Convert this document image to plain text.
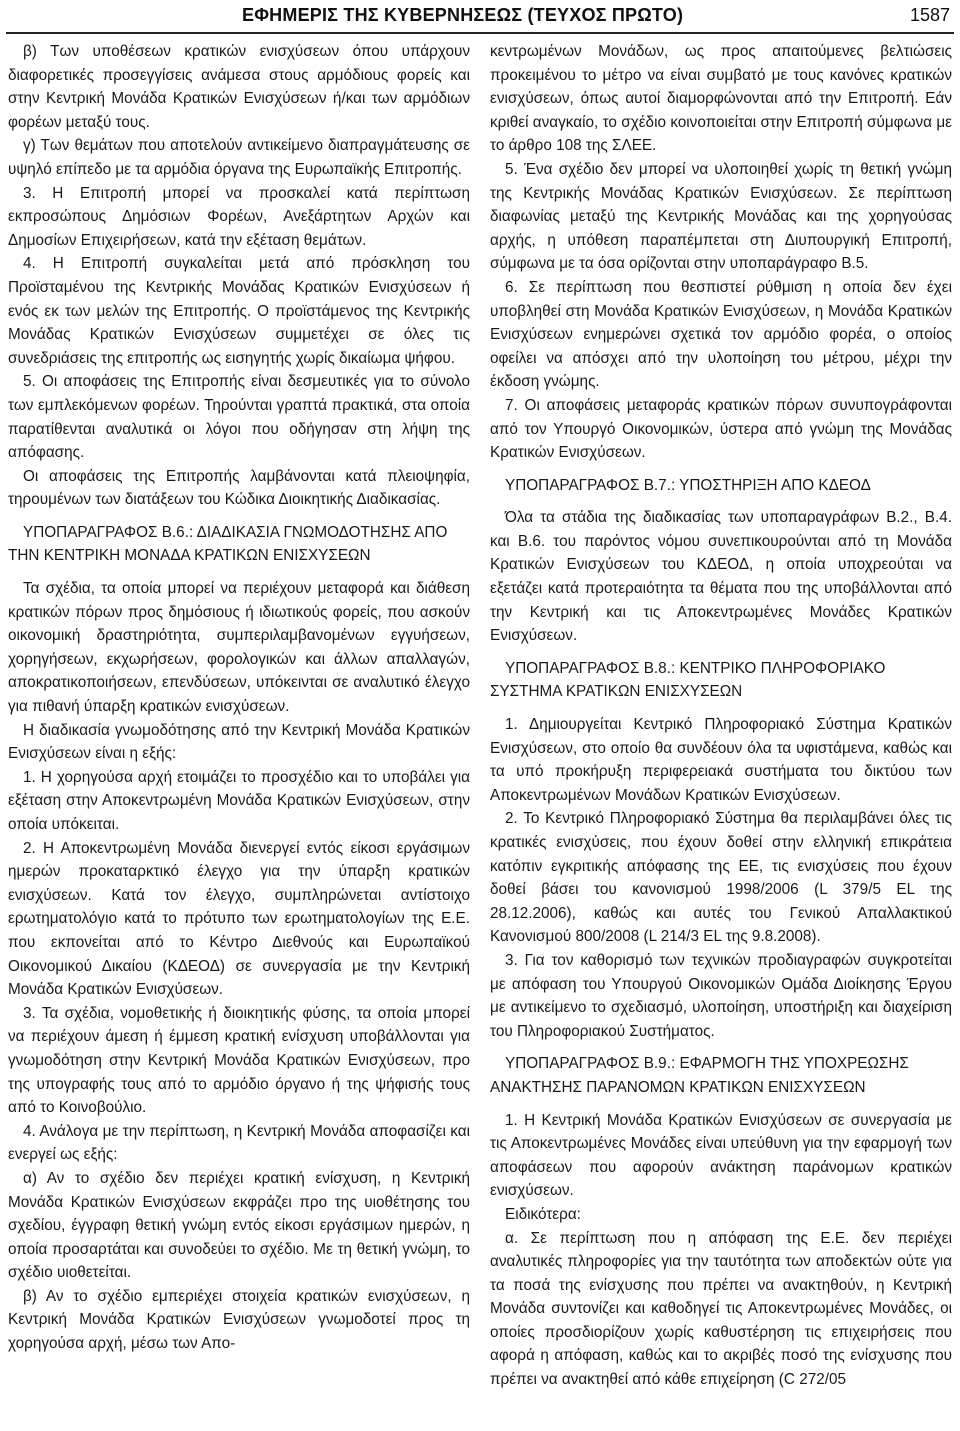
ΕΦΗΜΕΡΙΣ ΤΗΣ ΚΥΒΕΡΝΗΣΕΩΣ (ΤΕΥΧΟΣ ΠΡΩΤΟ)	1587

β) Των υποθέσεων κρατικών ενισχύσεων όπου υπάρχουν διαφορετικές προσεγγίσεις ανάμεσα στους αρμόδιους φορείς και στην Κεντρική Μονάδα Κρατικών Ενισχύσεων ή/και των αρμόδιων φορέων μεταξύ τους.

γ) Των θεμάτων που αποτελούν αντικείμενο διαπραγμάτευσης σε υψηλό επίπεδο με τα αρμόδια όργανα της Ευρωπαϊκής Επιτροπής.

3. Η Επιτροπή μπορεί να προσκαλεί κατά περίπτωση εκπροσώπους Δημόσιων Φορέων, Ανεξάρτητων Αρχών και Δημοσίων Επιχειρήσεων, κατά την εξέταση θεμάτων.

4. Η Επιτροπή συγκαλείται μετά από πρόσκληση του Προϊσταμένου της Κεντρικής Μονάδας Κρατικών Ενισχύσεων ή ενός εκ των μελών της Επιτροπής. Ο προϊστάμενος της Κεντρικής Μονάδας Κρατικών Ενισχύσεων συμμετέχει σε όλες τις συνεδριάσεις της επιτροπής ως εισηγητής χωρίς δικαίωμα ψήφου.

5. Οι αποφάσεις της Επιτροπής είναι δεσμευτικές για το σύνολο των εμπλεκόμενων φορέων. Τηρούνται γραπτά πρακτικά, στα οποία παρατίθενται αναλυτικά οι λόγοι που οδήγησαν στη λήψη της απόφασης.

Οι αποφάσεις της Επιτροπής λαμβάνονται κατά πλειοψηφία, τηρουμένων των διατάξεων του Κώδικα Διοικητικής Διαδικασίας.

ΥΠΟΠΑΡΑΓΡΑΦΟΣ Β.6.: ΔΙΑΔΙΚΑΣΙΑ ΓΝΩΜΟΔΟΤΗΣΗΣ ΑΠΟ ΤΗΝ ΚΕΝΤΡΙΚΗ ΜΟΝΑΔΑ ΚΡΑΤΙΚΩΝ ΕΝΙΣΧΥΣΕΩΝ

Τα σχέδια, τα οποία μπορεί να περιέχουν μεταφορά και διάθεση κρατικών πόρων προς δημόσιους ή ιδιωτικούς φορείς, που ασκούν οικονομική δραστηριότητα, συμπεριλαμβανομένων εγγυήσεων, χορηγήσεων, εκχωρήσεων, φορολογικών και άλλων απαλλαγών, αποκρατικοποιήσεων, επενδύσεων, υπόκεινται σε αναλυτικό έλεγχο για πιθανή ύπαρξη κρατικών ενισχύσεων.

Η διαδικασία γνωμοδότησης από την Κεντρική Μονάδα Κρατικών Ενισχύσεων είναι η εξής:

1. Η χορηγούσα αρχή ετοιμάζει το προσχέδιο και το υποβάλει για εξέταση στην Αποκεντρωμένη Μονάδα Κρατικών Ενισχύσεων, στην οποία υπόκειται.

2. Η Αποκεντρωμένη Μονάδα διενεργεί εντός είκοσι εργάσιμων ημερών προκαταρκτικό έλεγχο για την ύπαρξη κρατικών ενισχύσεων. Κατά τον έλεγχο, συμπληρώνεται αντίστοιχο ερωτηματολόγιο κατά το πρότυπο των ερωτηματολογίων της Ε.Ε. που εκπονείται από το Κέντρο Διεθνούς και Ευρωπαϊκού Οικονομικού Δικαίου (ΚΔΕΟΔ) σε συνεργασία με την Κεντρική Μονάδα Κρατικών Ενισχύσεων.

3. Τα σχέδια, νομοθετικής ή διοικητικής φύσης, τα οποία μπορεί να περιέχουν άμεση ή έμμεση κρατική ενίσχυση υποβάλλονται για γνωμοδότηση στην Κεντρική Μονάδα Κρατικών Ενισχύσεων, προ της υπογραφής τους από το αρμόδιο όργανο ή της ψήφισής τους από το Κοινοβούλιο.

4. Ανάλογα με την περίπτωση, η Κεντρική Μονάδα αποφασίζει και ενεργεί ως εξής:

α) Αν το σχέδιο δεν περιέχει κρατική ενίσχυση, η Κεντρική Μονάδα Κρατικών Ενισχύσεων εκφράζει προ της υιοθέτησης του σχεδίου, έγγραφη θετική γνώμη εντός είκοσι εργάσιμων ημερών, η οποία προσαρτάται και συνοδεύει το σχέδιο. Με τη θετική γνώμη, το σχέδιο υιοθετείται.

β) Αν το σχέδιο εμπεριέχει στοιχεία κρατικών ενισχύσεων, η Κεντρική Μονάδα Κρατικών Ενισχύσεων γνωμοδοτεί προς τη χορηγούσα αρχή, μέσω των Απο-

κεντρωμένων Μονάδων, ως προς απαιτούμενες βελτιώσεις προκειμένου το μέτρο να είναι συμβατό με τους κανόνες κρατικών ενισχύσεων, όπως αυτοί διαμορφώνονται από την Επιτροπή. Εάν κριθεί αναγκαίο, το σχέδιο κοινοποιείται στην Επιτροπή σύμφωνα με το άρθρο 108 της ΣΛΕΕ.

5. Ένα σχέδιο δεν μπορεί να υλοποιηθεί χωρίς τη θετική γνώμη της Κεντρικής Μονάδας Κρατικών Ενισχύσεων. Σε περίπτωση διαφωνίας μεταξύ της Κεντρικής Μονάδας και της χορηγούσας αρχής, η υπόθεση παραπέμπεται στη Διυπουργική Επιτροπή, σύμφωνα με τα όσα ορίζονται στην υποπαράγραφο Β.5.

6. Σε περίπτωση που θεσπιστεί ρύθμιση η οποία δεν έχει υποβληθεί στη Μονάδα Κρατικών Ενισχύσεων, η Μονάδα Κρατικών Ενισχύσεων ενημερώνει σχετικά τον αρμόδιο φορέα, ο οποίος οφείλει να απόσχει από την υλοποίηση του μέτρου, μέχρι την έκδοση γνώμης.

7. Οι αποφάσεις μεταφοράς κρατικών πόρων συνυπογράφονται από τον Υπουργό Οικονομικών, ύστερα από γνώμη της Μονάδας Κρατικών Ενισχύσεων.

ΥΠΟΠΑΡΑΓΡΑΦΟΣ Β.7.: ΥΠΟΣΤΗΡΙΞΗ ΑΠΟ ΚΔΕΟΔ

Όλα τα στάδια της διαδικασίας των υποπαραγράφων Β.2., Β.4. και Β.6. του παρόντος νόμου συνεπικουρούνται από τη Μονάδα Κρατικών Ενισχύσεων του ΚΔΕΟΔ, η οποία υποχρεούται να εξετάζει κατά προτεραιότητα τα θέματα που της υποβάλλονται από την Κεντρική και τις Αποκεντρωμένες Μονάδες Κρατικών Ενισχύσεων.

ΥΠΟΠΑΡΑΓΡΑΦΟΣ Β.8.: ΚΕΝΤΡΙΚΟ ΠΛΗΡΟΦΟΡΙΑΚΟ ΣΥΣΤΗΜΑ ΚΡΑΤΙΚΩΝ ΕΝΙΣΧΥΣΕΩΝ

1. Δημιουργείται Κεντρικό Πληροφοριακό Σύστημα Κρατικών Ενισχύσεων, στο οποίο θα συνδέουν όλα τα υφιστάμενα, καθώς και τα υπό προκήρυξη περιφερειακά συστήματα του δικτύου των Αποκεντρωμένων Μονάδων Κρατικών Ενισχύσεων.

2. Το Κεντρικό Πληροφοριακό Σύστημα θα περιλαμβάνει όλες τις κρατικές ενισχύσεις, που έχουν δοθεί στην ελληνική επικράτεια κατόπιν εγκριτικής απόφασης της ΕΕ, τις ενισχύσεις που έχουν δοθεί βάσει του κανονισμού 1998/2006 (L 379/5 EL της 28.12.2006), καθώς και αυτές του Γενικού Απαλλακτικού Κανονισμού 800/2008 (L 214/3 EL της 9.8.2008).

3. Για τον καθορισμό των τεχνικών προδιαγραφών συγκροτείται με απόφαση του Υπουργού Οικονομικών Ομάδα Διοίκησης Έργου με αντικείμενο το σχεδιασμό, υλοποίηση, υποστήριξη και διαχείριση του Πληροφοριακού Συστήματος.

ΥΠΟΠΑΡΑΓΡΑΦΟΣ Β.9.: ΕΦΑΡΜΟΓΗ ΤΗΣ ΥΠΟΧΡΕΩΣΗΣ ΑΝΑΚΤΗΣΗΣ ΠΑΡΑΝΟΜΩΝ ΚΡΑΤΙΚΩΝ ΕΝΙΣΧΥΣΕΩΝ

1. Η Κεντρική Μονάδα Κρατικών Ενισχύσεων σε συνεργασία με τις Αποκεντρωμένες Μονάδες είναι υπεύθυνη για την εφαρμογή των αποφάσεων που αφορούν ανάκτηση παράνομων κρατικών ενισχύσεων.

Ειδικότερα:

α. Σε περίπτωση που η απόφαση της Ε.Ε. δεν περιέχει αναλυτικές πληροφορίες για την ταυτότητα των αποδεκτών ούτε για τα ποσά της ενίσχυσης που πρέπει να ανακτηθούν, η Κεντρική Μονάδα συντονίζει και καθοδηγεί τις Αποκεντρωμένες Μονάδες, οι οποίες προσδιορίζουν χωρίς καθυστέρηση τις επιχειρήσεις που αφορά η απόφαση, καθώς και το ακριβές ποσό της ενίσχυσης που πρέπει να ανακτηθεί από κάθε επιχείρηση (C 272/05
